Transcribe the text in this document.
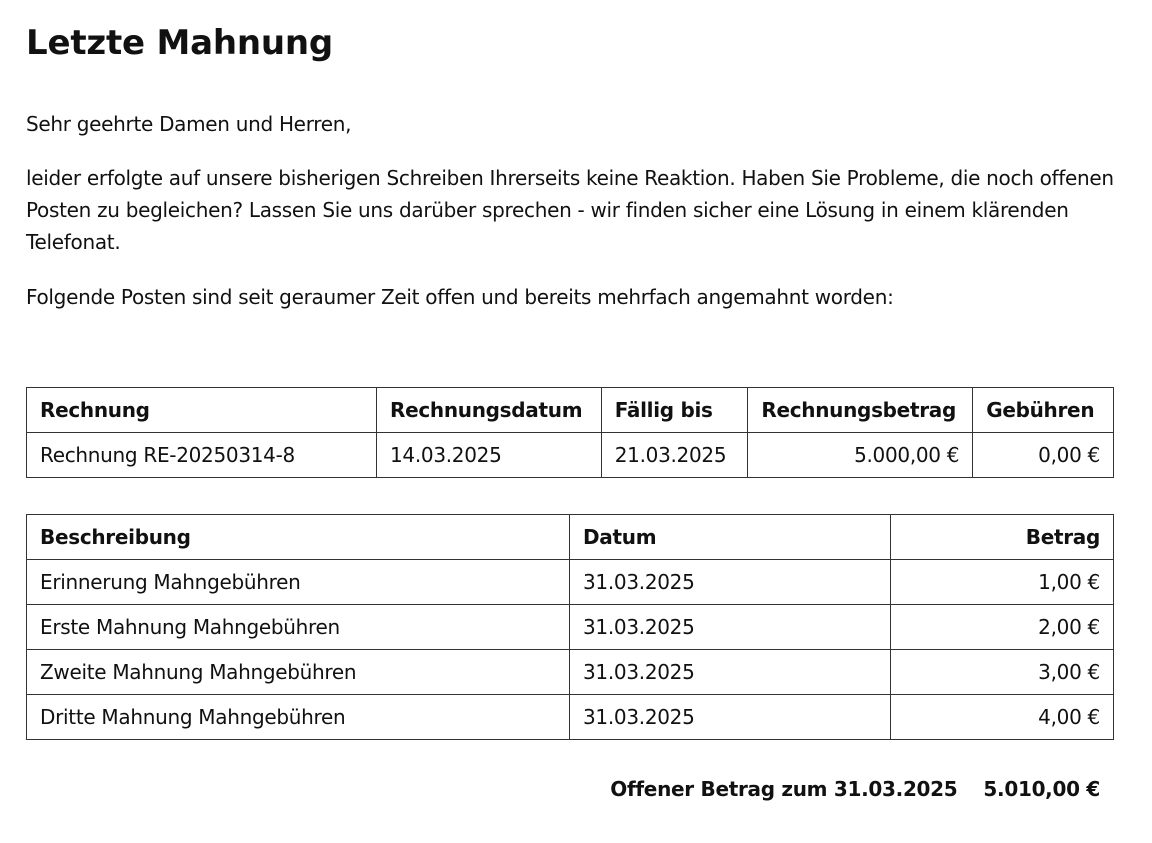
Letzte Mahnung

Sehr geehrte Damen und Herren,

leider erfolgte auf unsere bisherigen Schreiben Ihrerseits keine Reaktion. Haben Sie Probleme, die noch offenen Posten zu begleichen? Lassen Sie uns darüber sprechen - wir finden sicher eine Lösung in einem klärenden Telefonat.

Folgende Posten sind seit geraumer Zeit offen und bereits mehrfach angemahnt worden:

Rechnung	Rechnungsdatum	Fällig bis	Rechnungsbetrag	Gebühren
Rechnung RE-20250314-8	14.03.2025	21.03.2025	5.000,00 €	0,00 €
Beschreibung	Datum	Betrag
Erinnerung Mahngebühren	31.03.2025	1,00 €
Erste Mahnung Mahngebühren	31.03.2025	2,00 €
Zweite Mahnung Mahngebühren	31.03.2025	3,00 €
Dritte Mahnung Mahngebühren	31.03.2025	4,00 €
Offener Betrag zum 31.03.2025 5.010,00 €
